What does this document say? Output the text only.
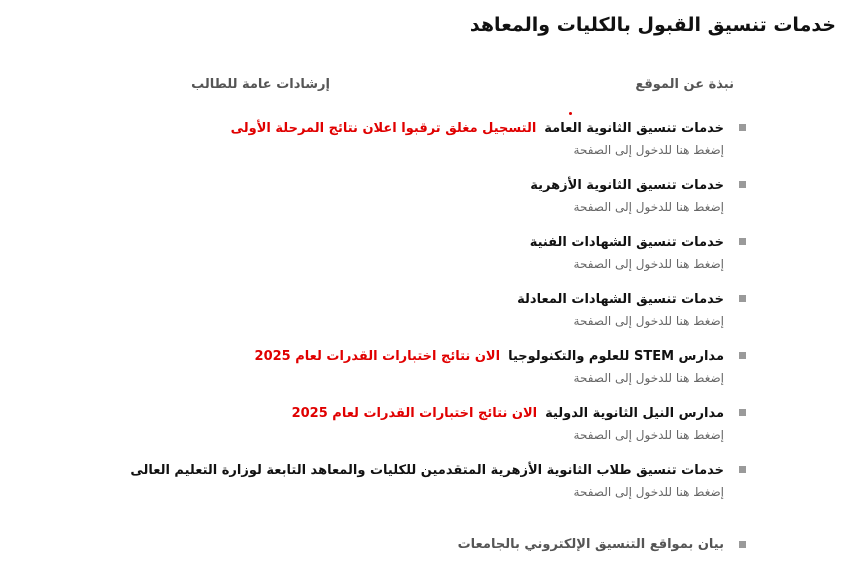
خدمات تنسيق القبول بالكليات والمعاهد
نبذة عن الموقع
إرشادات عامة للطالب
خدمات تنسيق الثانوية العامةالتسجيل مغلق ترقبوا اعلان نتائج المرحلة الأولى
إضغط هنا للدخول إلى الصفحة
خدمات تنسيق الثانوية الأزهرية
إضغط هنا للدخول إلى الصفحة
خدمات تنسيق الشهادات الفنية
إضغط هنا للدخول إلى الصفحة
خدمات تنسيق الشهادات المعادلة
إضغط هنا للدخول إلى الصفحة
مدارس STEM للعلوم والتكنولوجياالان نتائج اختبارات القدرات لعام 2025
إضغط هنا للدخول إلى الصفحة
مدارس النيل الثانوية الدوليةالان نتائج اختبارات القدرات لعام 2025
إضغط هنا للدخول إلى الصفحة
خدمات تنسيق طلاب الثانوية الأزهرية المتقدمين للكليات والمعاهد التابعة لوزارة التعليم العالى
إضغط هنا للدخول إلى الصفحة
بيان بمواقع التنسيق الإلكتروني بالجامعات
